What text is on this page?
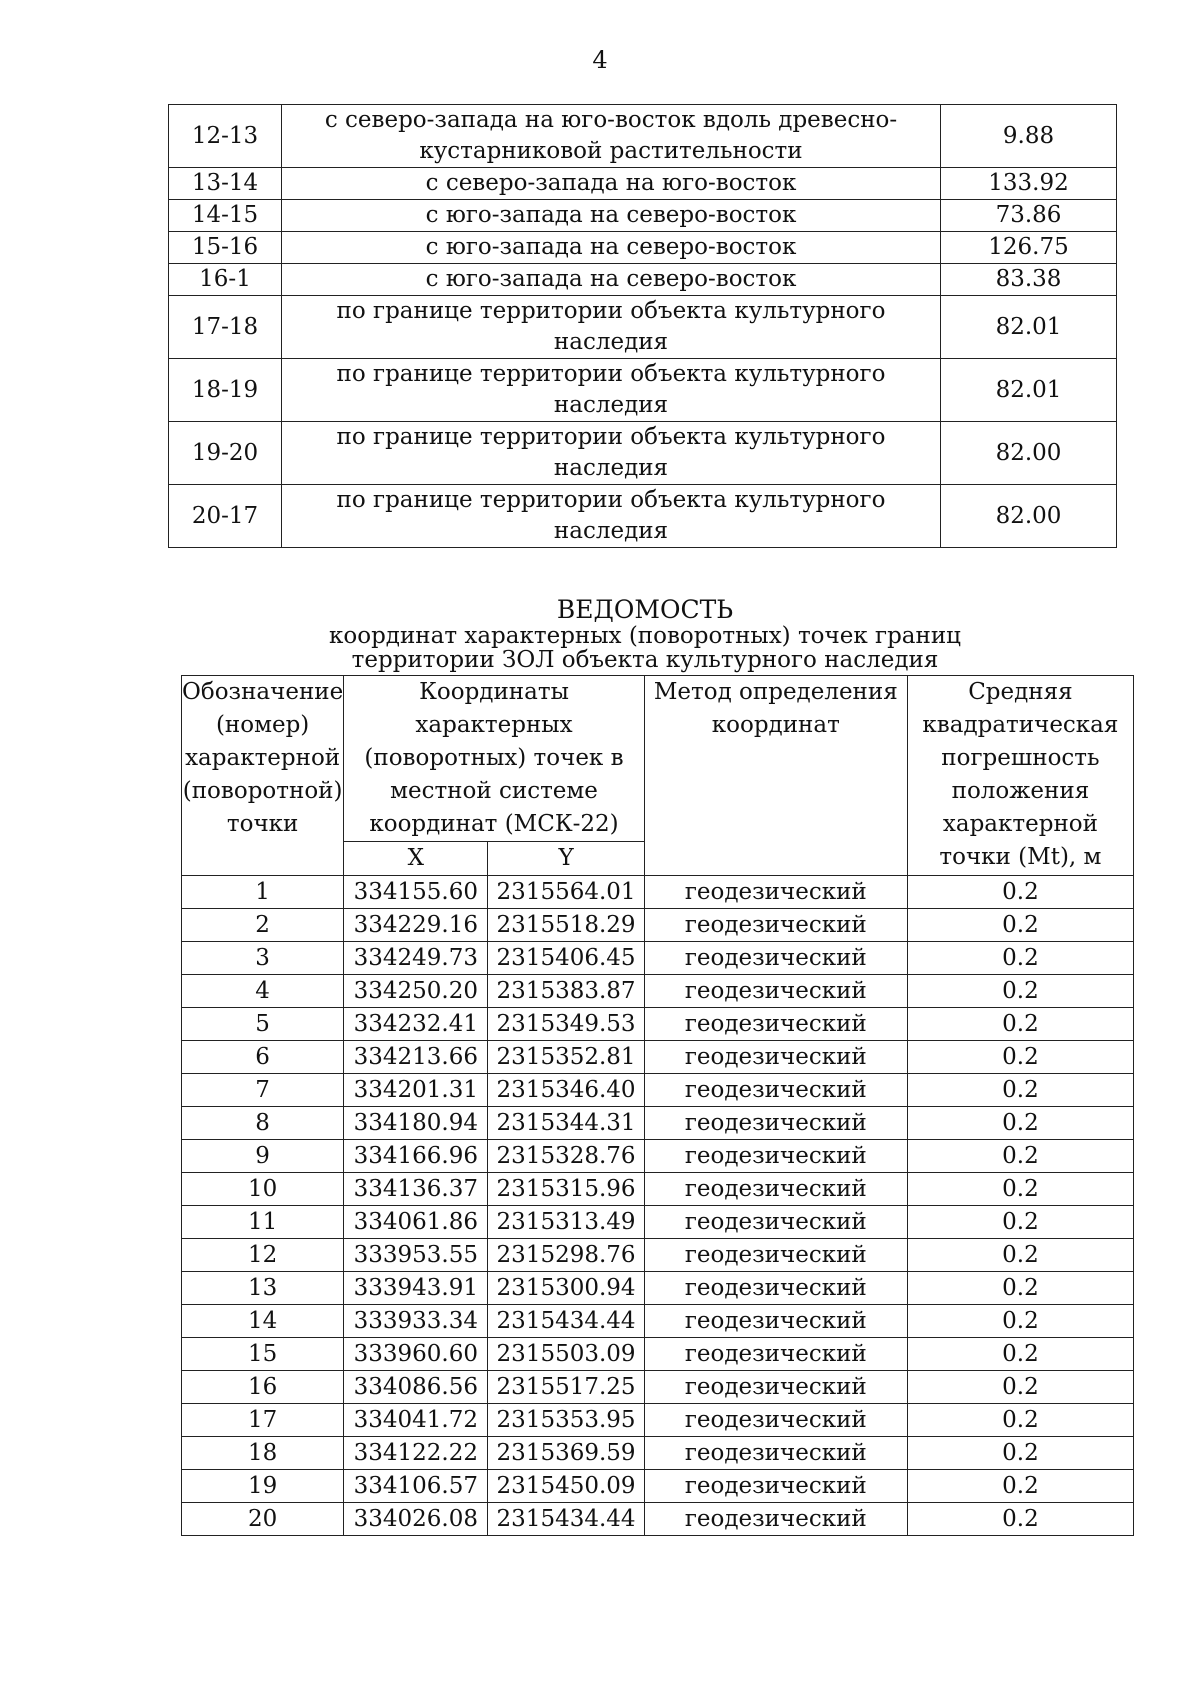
4
12-13	с северо-запада на юго-восток вдоль древесно-кустарниковой растительности	9.88
13-14	с северо-запада на юго-восток	133.92
14-15	с юго-запада на северо-восток	73.86
15-16	с юго-запада на северо-восток	126.75
16-1	с юго-запада на северо-восток	83.38
17-18	по границе территории объекта культурного наследия	82.01
18-19	по границе территории объекта культурного наследия	82.01
19-20	по границе территории объекта культурного наследия	82.00
20-17	по границе территории объекта культурного наследия	82.00
ВЕДОМОСТЬ
координат характерных (поворотных) точек границ
территории ЗОЛ объекта культурного наследия
Обозначение (номер) характерной (поворотной) точки	Координаты характерных (поворотных) точек в местной системе координат (МСК-22)		Метод определения координат	Средняя квадратическая погрешность положения характерной точки (Mt), м
	X	Y		
1	334155.60	2315564.01	геодезический	0.2
2	334229.16	2315518.29	геодезический	0.2
3	334249.73	2315406.45	геодезический	0.2
4	334250.20	2315383.87	геодезический	0.2
5	334232.41	2315349.53	геодезический	0.2
6	334213.66	2315352.81	геодезический	0.2
7	334201.31	2315346.40	геодезический	0.2
8	334180.94	2315344.31	геодезический	0.2
9	334166.96	2315328.76	геодезический	0.2
10	334136.37	2315315.96	геодезический	0.2
11	334061.86	2315313.49	геодезический	0.2
12	333953.55	2315298.76	геодезический	0.2
13	333943.91	2315300.94	геодезический	0.2
14	333933.34	2315434.44	геодезический	0.2
15	333960.60	2315503.09	геодезический	0.2
16	334086.56	2315517.25	геодезический	0.2
17	334041.72	2315353.95	геодезический	0.2
18	334122.22	2315369.59	геодезический	0.2
19	334106.57	2315450.09	геодезический	0.2
20	334026.08	2315434.44	геодезический	0.2
